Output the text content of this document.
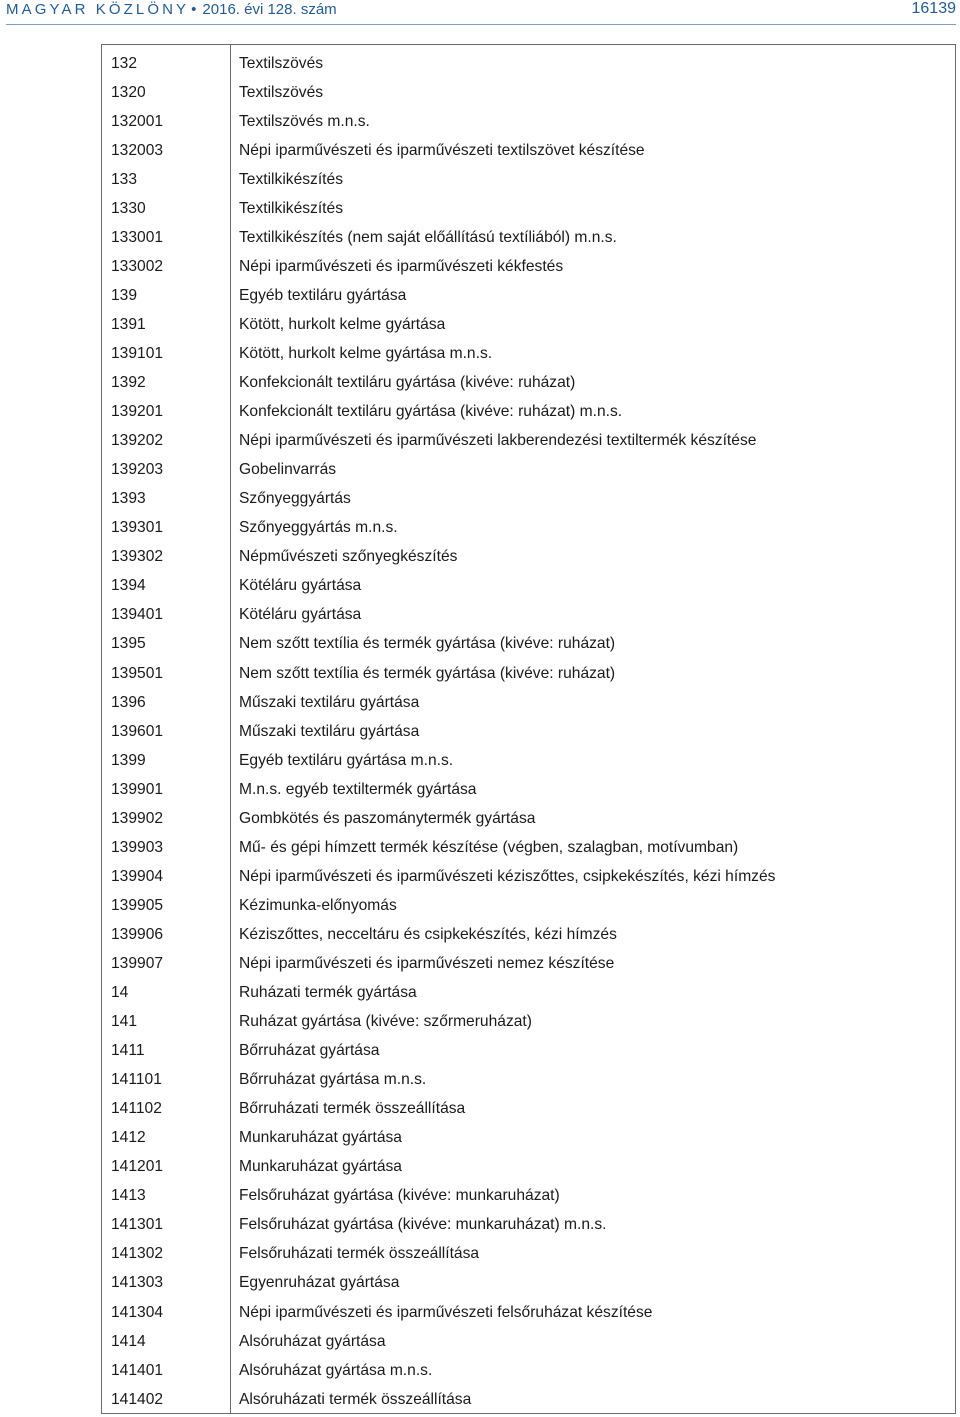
MAGYAR KÖZLÖNY • 2016. évi 128. szám	16139
132	Textilszövés
1320	Textilszövés
132001	Textilszövés m.n.s.
132003	Népi iparművészeti és iparművészeti textilszövet készítése
133	Textilkikészítés
1330	Textilkikészítés
133001	Textilkikészítés (nem saját előállítású textíliából) m.n.s.
133002	Népi iparművészeti és iparművészeti kékfestés
139	Egyéb textiláru gyártása
1391	Kötött, hurkolt kelme gyártása
139101	Kötött, hurkolt kelme gyártása m.n.s.
1392	Konfekcionált textiláru gyártása (kivéve: ruházat)
139201	Konfekcionált textiláru gyártása (kivéve: ruházat) m.n.s.
139202	Népi iparművészeti és iparművészeti lakberendezési textiltermék készítése
139203	Gobelinvarrás
1393	Szőnyeggyártás
139301	Szőnyeggyártás m.n.s.
139302	Népművészeti szőnyegkészítés
1394	Kötéláru gyártása
139401	Kötéláru gyártása
1395	Nem szőtt textília és termék gyártása (kivéve: ruházat)
139501	Nem szőtt textília és termék gyártása (kivéve: ruházat)
1396	Műszaki textiláru gyártása
139601	Műszaki textiláru gyártása
1399	Egyéb textiláru gyártása m.n.s.
139901	M.n.s. egyéb textiltermék gyártása
139902	Gombkötés és paszománytermék gyártása
139903	Mű- és gépi hímzett termék készítése (végben, szalagban, motívumban)
139904	Népi iparművészeti és iparművészeti kéziszőttes, csipkekészítés, kézi hímzés
139905	Kézimunka-előnyomás
139906	Kéziszőttes, necceltáru és csipkekészítés, kézi hímzés
139907	Népi iparművészeti és iparművészeti nemez készítése
14	Ruházati termék gyártása
141	Ruházat gyártása (kivéve: szőrmeruházat)
1411	Bőrruházat gyártása
141101	Bőrruházat gyártása m.n.s.
141102	Bőrruházati termék összeállítása
1412	Munkaruházat gyártása
141201	Munkaruházat gyártása
1413	Felsőruházat gyártása (kivéve: munkaruházat)
141301	Felsőruházat gyártása (kivéve: munkaruházat) m.n.s.
141302	Felsőruházati termék összeállítása
141303	Egyenruházat gyártása
141304	Népi iparművészeti és iparművészeti felsőruházat készítése
1414	Alsóruházat gyártása
141401	Alsóruházat gyártása m.n.s.
141402	Alsóruházati termék összeállítása
